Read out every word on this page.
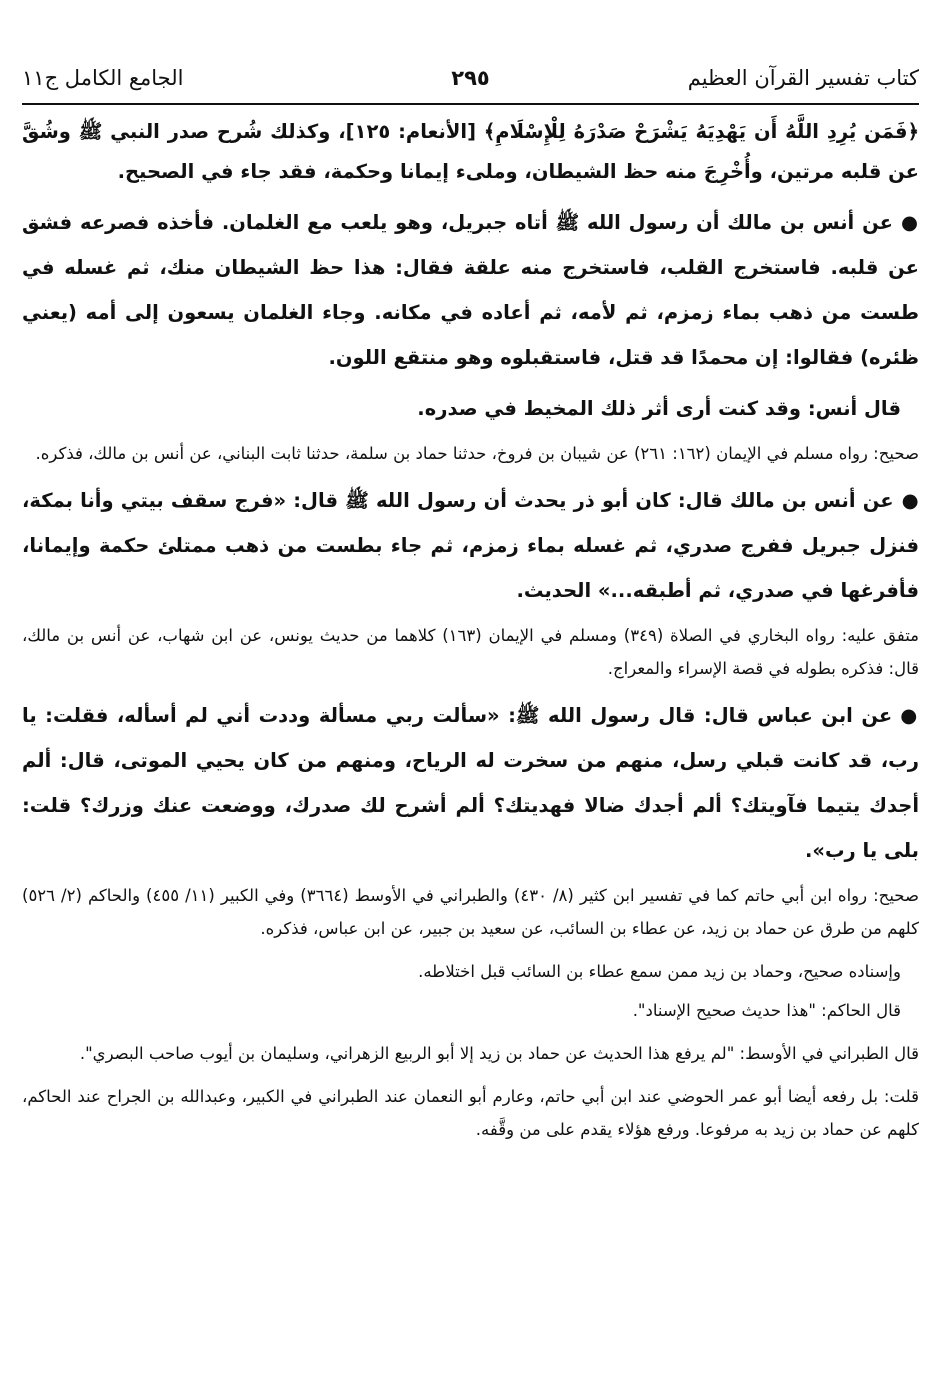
كتاب تفسير القرآن العظيم
٢٩٥
الجامع الكامل ج١١

﴿فَمَن يُرِدِ اللَّهُ أَن يَهْدِيَهُ يَشْرَحْ صَدْرَهُ لِلْإِسْلَامِ﴾ [الأنعام: ١٢٥]، وكذلك شُرح صدر النبي ﷺ وشُقَّ عن قلبه مرتين، وأُخْرِجَ منه حظ الشيطان، وملىء إيمانا وحكمة، فقد جاء في الصحيح.

●عن أنس بن مالك أن رسول الله ﷺ أتاه جبريل، وهو يلعب مع الغلمان. فأخذه فصرعه فشق عن قلبه. فاستخرج القلب، فاستخرج منه علقة فقال: هذا حظ الشيطان منك، ثم غسله في طست من ذهب بماء زمزم، ثم لأمه، ثم أعاده في مكانه. وجاء الغلمان يسعون إلى أمه (يعني ظئره) فقالوا: إن محمدًا قد قتل، فاستقبلوه وهو منتقع اللون.

قال أنس: وقد كنت أرى أثر ذلك المخيط في صدره.

صحيح: رواه مسلم في الإيمان (١٦٢: ٢٦١) عن شيبان بن فروخ، حدثنا حماد بن سلمة، حدثنا ثابت البناني، عن أنس بن مالك، فذكره.

●عن أنس بن مالك قال: كان أبو ذر يحدث أن رسول الله ﷺ قال: «فرج سقف بيتي وأنا بمكة، فنزل جبريل ففرج صدري، ثم غسله بماء زمزم، ثم جاء بطست من ذهب ممتلئ حكمة وإيمانا، فأفرغها في صدري، ثم أطبقه...» الحديث.

متفق عليه: رواه البخاري في الصلاة (٣٤٩) ومسلم في الإيمان (١٦٣) كلاهما من حديث يونس، عن ابن شهاب، عن أنس بن مالك، قال: فذكره بطوله في قصة الإسراء والمعراج.

●عن ابن عباس قال: قال رسول الله ﷺ: «سألت ربي مسألة وددت أني لم أسأله، فقلت: يا رب، قد كانت قبلي رسل، منهم من سخرت له الرياح، ومنهم من كان يحيي الموتى، قال: ألم أجدك يتيما فآويتك؟ ألم أجدك ضالا فهديتك؟ ألم أشرح لك صدرك، ووضعت عنك وزرك؟ قلت: بلى يا رب».

صحيح: رواه ابن أبي حاتم كما في تفسير ابن كثير (٨/ ٤٣٠) والطبراني في الأوسط (٣٦٦٤) وفي الكبير (١١/ ٤٥٥) والحاكم (٢/ ٥٢٦) كلهم من طرق عن حماد بن زيد، عن عطاء بن السائب، عن سعيد بن جبير، عن ابن عباس، فذكره.

وإسناده صحيح، وحماد بن زيد ممن سمع عطاء بن السائب قبل اختلاطه.

قال الحاكم: "هذا حديث صحيح الإسناد".

قال الطبراني في الأوسط: "لم يرفع هذا الحديث عن حماد بن زيد إلا أبو الربيع الزهراني، وسليمان بن أيوب صاحب البصري".

قلت: بل رفعه أيضا أبو عمر الحوضي عند ابن أبي حاتم، وعارم أبو النعمان عند الطبراني في الكبير، وعبدالله بن الجراح عند الحاكم، كلهم عن حماد بن زيد به مرفوعا. ورفع هؤلاء يقدم على من وقَّفه.
